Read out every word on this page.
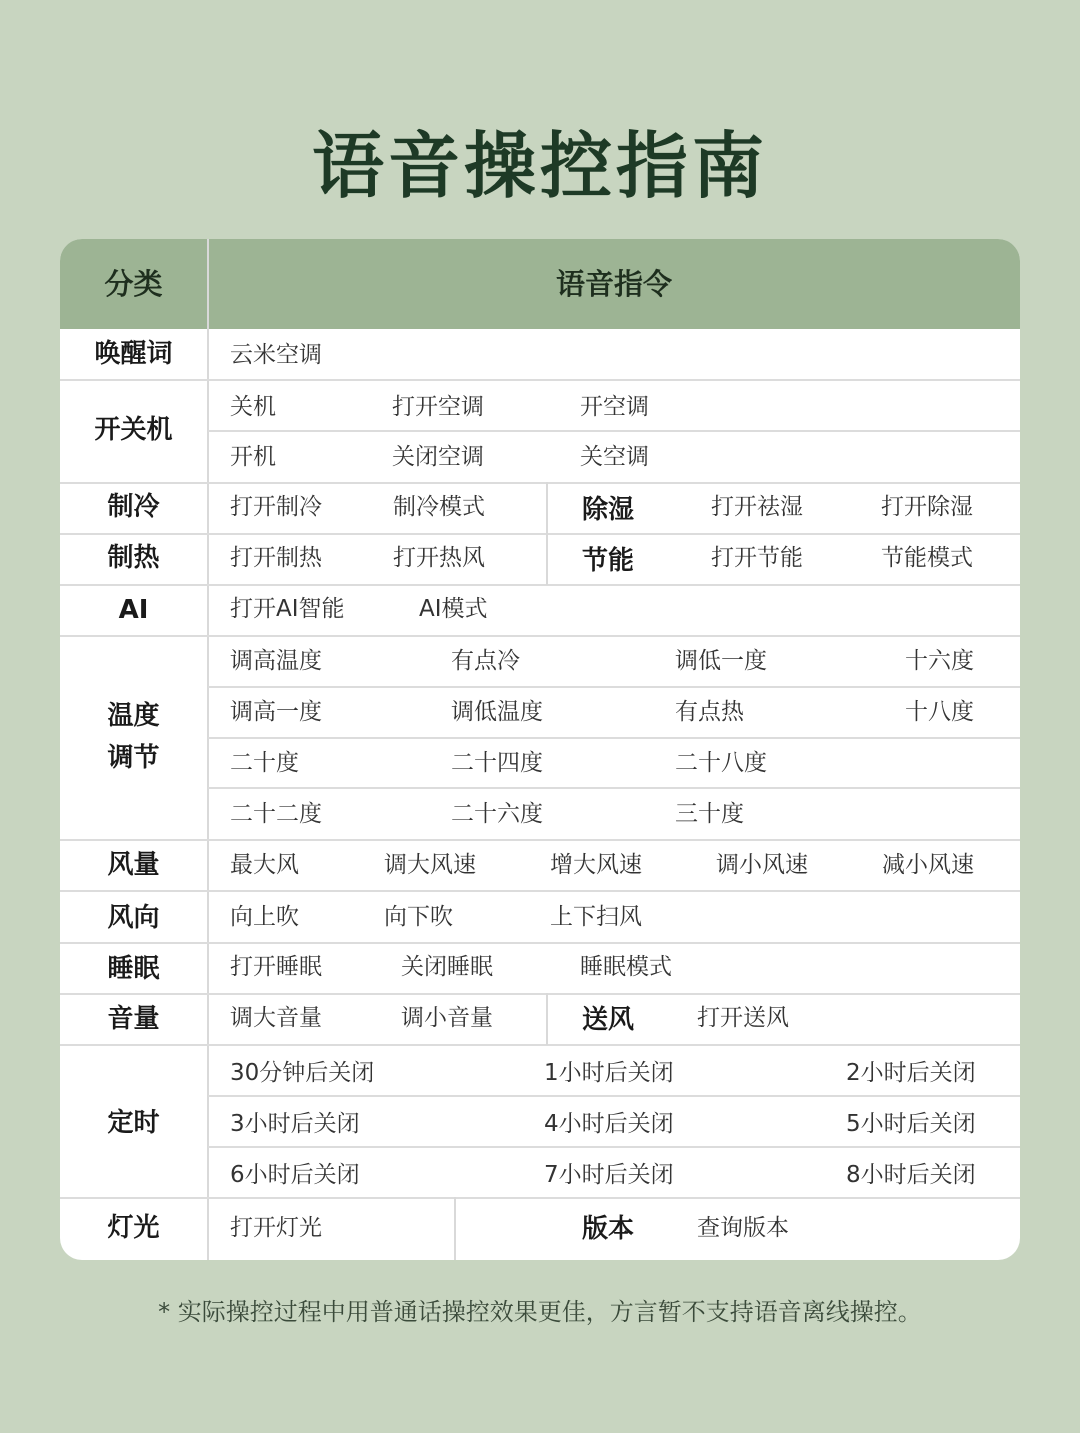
语音操控指南
分类	语音指令
唤醒词	云米空调
开关机
关机	打开空调	开空调
开机	关闭空调	关空调
制冷	打开制冷	制冷模式	除湿	打开祛湿	打开除湿
制热	打开制热	打开热风	节能	打开节能	节能模式
AI	打开AI智能	AI模式
温度
调节
调高温度	有点冷	调低一度	十六度
调高一度	调低温度	有点热	十八度
二十度	二十四度	二十八度
二十二度	二十六度	三十度
风量	最大风	调大风速	增大风速	调小风速	减小风速
风向	向上吹	向下吹	上下扫风
睡眠	打开睡眠	关闭睡眠	睡眠模式
音量	调大音量	调小音量	送风	打开送风
定时
30分钟后关闭	1小时后关闭	2小时后关闭
3小时后关闭	4小时后关闭	5小时后关闭
6小时后关闭	7小时后关闭	8小时后关闭
灯光	打开灯光	版本	查询版本
* 实际操控过程中用普通话操控效果更佳，方言暂不支持语音离线操控。
